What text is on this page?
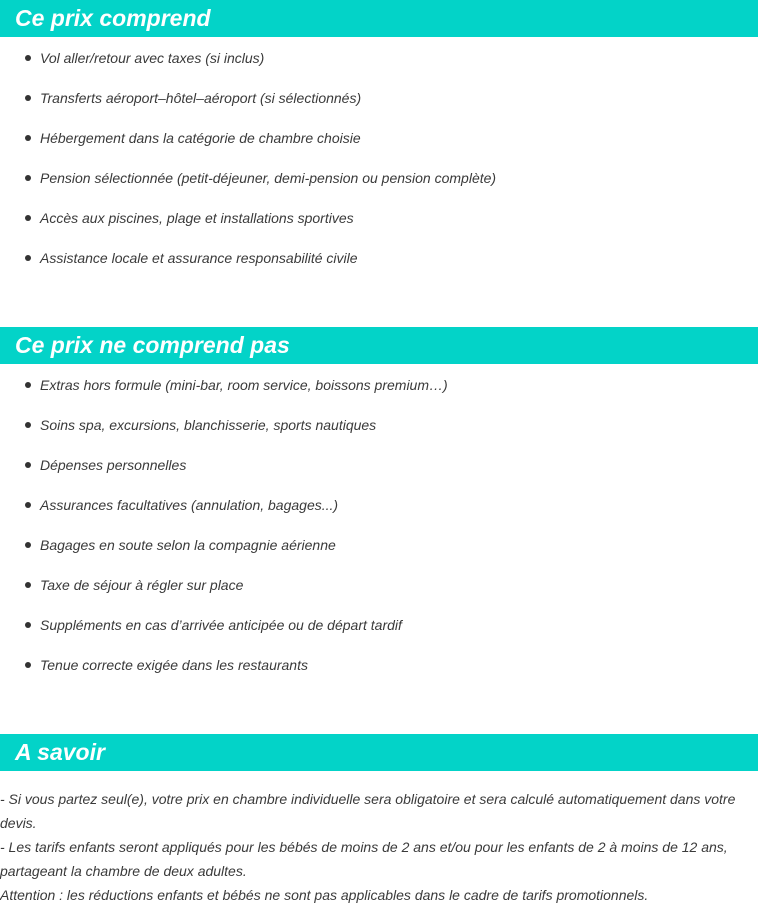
Ce prix comprend
Vol aller/retour avec taxes (si inclus)
Transferts aéroport–hôtel–aéroport (si sélectionnés)
Hébergement dans la catégorie de chambre choisie
Pension sélectionnée (petit-déjeuner, demi-pension ou pension complète)
Accès aux piscines, plage et installations sportives
Assistance locale et assurance responsabilité civile
Ce prix ne comprend pas
Extras hors formule (mini-bar, room service, boissons premium…)
Soins spa, excursions, blanchisserie, sports nautiques
Dépenses personnelles
Assurances facultatives (annulation, bagages...)
Bagages en soute selon la compagnie aérienne
Taxe de séjour à régler sur place
Suppléments en cas d’arrivée anticipée ou de départ tardif
Tenue correcte exigée dans les restaurants
A savoir

- Si vous partez seul(e), votre prix en chambre individuelle sera obligatoire et sera calculé automatiquement dans votre devis.

- Les tarifs enfants seront appliqués pour les bébés de moins de 2 ans et/ou pour les enfants de 2 à moins de 12 ans, partageant la chambre de deux adultes.

Attention : les réductions enfants et bébés ne sont pas applicables dans le cadre de tarifs promotionnels.
